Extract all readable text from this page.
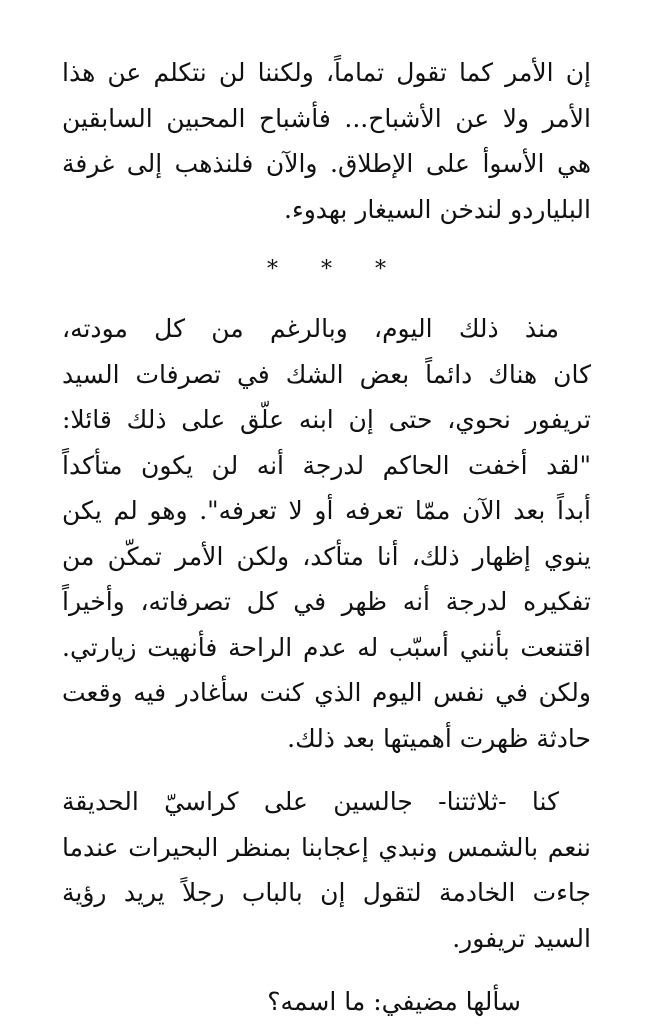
إن الأمر كما تقول تماماً، ولكننا لن نتكلم عن هذا
الأمر ولا عن الأشباح... فأشباح المحبين السابقين
هي الأسوأ على الإطلاق. والآن فلنذهب إلى غرفة
البلياردو لندخن السيغار بهدوء.

* * *

منذ ذلك اليوم، وبالرغم من كل مودته،
كان هناك دائماً بعض الشك في تصرفات السيد
تريفور نحوي، حتى إن ابنه علّق على ذلك قائلا:
"لقد أخفت الحاكم لدرجة أنه لن يكون متأكداً
أبداً بعد الآن ممّا تعرفه أو لا تعرفه". وهو لم يكن
ينوي إظهار ذلك، أنا متأكد، ولكن الأمر تمكّن من
تفكيره لدرجة أنه ظهر في كل تصرفاته، وأخيراً
اقتنعت بأنني أسبّب له عدم الراحة فأنهيت زيارتي.
ولكن في نفس اليوم الذي كنت سأغادر فيه وقعت
حادثة ظهرت أهميتها بعد ذلك.

كنا -ثلاثتنا- جالسين على كراسيّ الحديقة
ننعم بالشمس ونبدي إعجابنا بمنظر البحيرات عندما
جاءت الخادمة لتقول إن بالباب رجلاً يريد رؤية
السيد تريفور.

سألها مضيفي: ما اسمه؟
